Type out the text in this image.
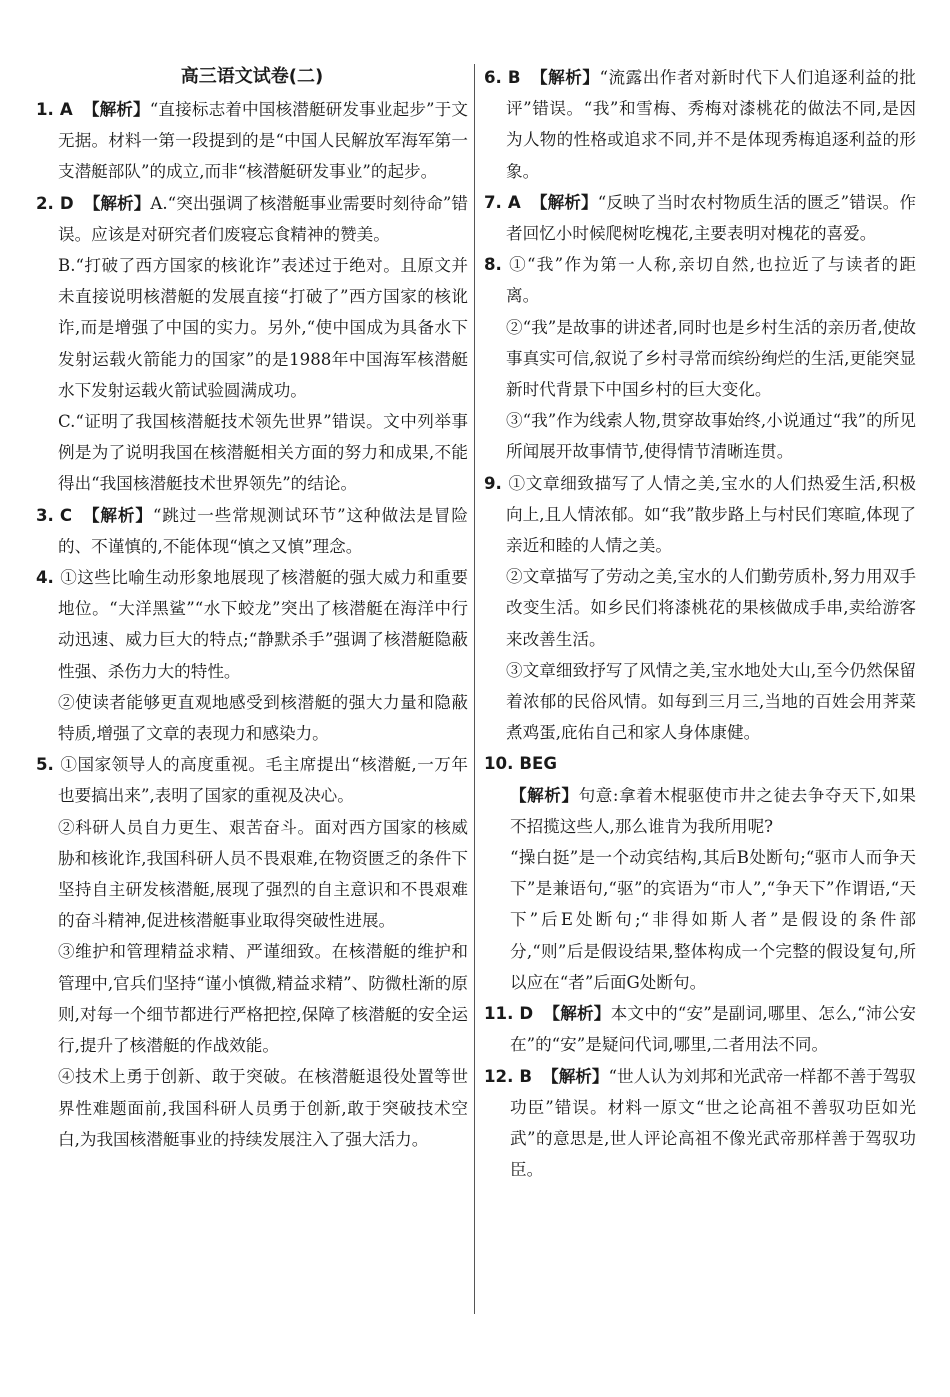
高三语文试卷(二)

1. A 【解析】“直接标志着中国核潜艇研发事业起步”于文无据。材料一第一段提到的是“中国人民解放军海军第一支潜艇部队”的成立,而非“核潜艇研发事业”的起步。

2. D 【解析】A.“突出强调了核潜艇事业需要时刻待命”错误。应该是对研究者们废寝忘食精神的赞美。

B.“打破了西方国家的核讹诈”表述过于绝对。且原文并未直接说明核潜艇的发展直接“打破了”西方国家的核讹诈,而是增强了中国的实力。另外,“使中国成为具备水下发射运载火箭能力的国家”的是1988年中国海军核潜艇水下发射运载火箭试验圆满成功。

C.“证明了我国核潜艇技术领先世界”错误。文中列举事例是为了说明我国在核潜艇相关方面的努力和成果,不能得出“我国核潜艇技术世界领先”的结论。

3. C 【解析】“跳过一些常规测试环节”这种做法是冒险的、不谨慎的,不能体现“慎之又慎”理念。

4. ①这些比喻生动形象地展现了核潜艇的强大威力和重要地位。“大洋黑鲨”“水下蛟龙”突出了核潜艇在海洋中行动迅速、威力巨大的特点;“静默杀手”强调了核潜艇隐蔽性强、杀伤力大的特性。

②使读者能够更直观地感受到核潜艇的强大力量和隐蔽特质,增强了文章的表现力和感染力。

5. ①国家领导人的高度重视。毛主席提出“核潜艇,一万年也要搞出来”,表明了国家的重视及决心。

②科研人员自力更生、艰苦奋斗。面对西方国家的核威胁和核讹诈,我国科研人员不畏艰难,在物资匮乏的条件下坚持自主研发核潜艇,展现了强烈的自主意识和不畏艰难的奋斗精神,促进核潜艇事业取得突破性进展。

③维护和管理精益求精、严谨细致。在核潜艇的维护和管理中,官兵们坚持“谨小慎微,精益求精”、防微杜渐的原则,对每一个细节都进行严格把控,保障了核潜艇的安全运行,提升了核潜艇的作战效能。

④技术上勇于创新、敢于突破。在核潜艇退役处置等世界性难题面前,我国科研人员勇于创新,敢于突破技术空白,为我国核潜艇事业的持续发展注入了强大活力。

6. B 【解析】“流露出作者对新时代下人们追逐利益的批评”错误。“我”和雪梅、秀梅对漆桃花的做法不同,是因为人物的性格或追求不同,并不是体现秀梅追逐利益的形象。

7. A 【解析】“反映了当时农村物质生活的匮乏”错误。作者回忆小时候爬树吃槐花,主要表明对槐花的喜爱。

8. ①“我”作为第一人称,亲切自然,也拉近了与读者的距离。

②“我”是故事的讲述者,同时也是乡村生活的亲历者,使故事真实可信,叙说了乡村寻常而缤纷绚烂的生活,更能突显新时代背景下中国乡村的巨大变化。

③“我”作为线索人物,贯穿故事始终,小说通过“我”的所见所闻展开故事情节,使得情节清晰连贯。

9. ①文章细致描写了人情之美,宝水的人们热爱生活,积极向上,且人情浓郁。如“我”散步路上与村民们寒暄,体现了亲近和睦的人情之美。

②文章描写了劳动之美,宝水的人们勤劳质朴,努力用双手改变生活。如乡民们将漆桃花的果核做成手串,卖给游客来改善生活。

③文章细致抒写了风情之美,宝水地处大山,至今仍然保留着浓郁的民俗风情。如每到三月三,当地的百姓会用荠菜煮鸡蛋,庇佑自己和家人身体康健。

10. BEG

【解析】句意:拿着木棍驱使市井之徒去争夺天下,如果不招揽这些人,那么谁肯为我所用呢?

“操白挺”是一个动宾结构,其后B处断句;“驱市人而争天下”是兼语句,“驱”的宾语为“市人”,“争天下”作谓语,“天下”后E处断句;“非得如斯人者”是假设的条件部分,“则”后是假设结果,整体构成一个完整的假设复句,所以应在“者”后面G处断句。

11. D 【解析】本文中的“安”是副词,哪里、怎么,“沛公安在”的“安”是疑问代词,哪里,二者用法不同。

12. B 【解析】“世人认为刘邦和光武帝一样都不善于驾驭功臣”错误。材料一原文“世之论高祖不善驭功臣如光武”的意思是,世人评论高祖不像光武帝那样善于驾驭功臣。
